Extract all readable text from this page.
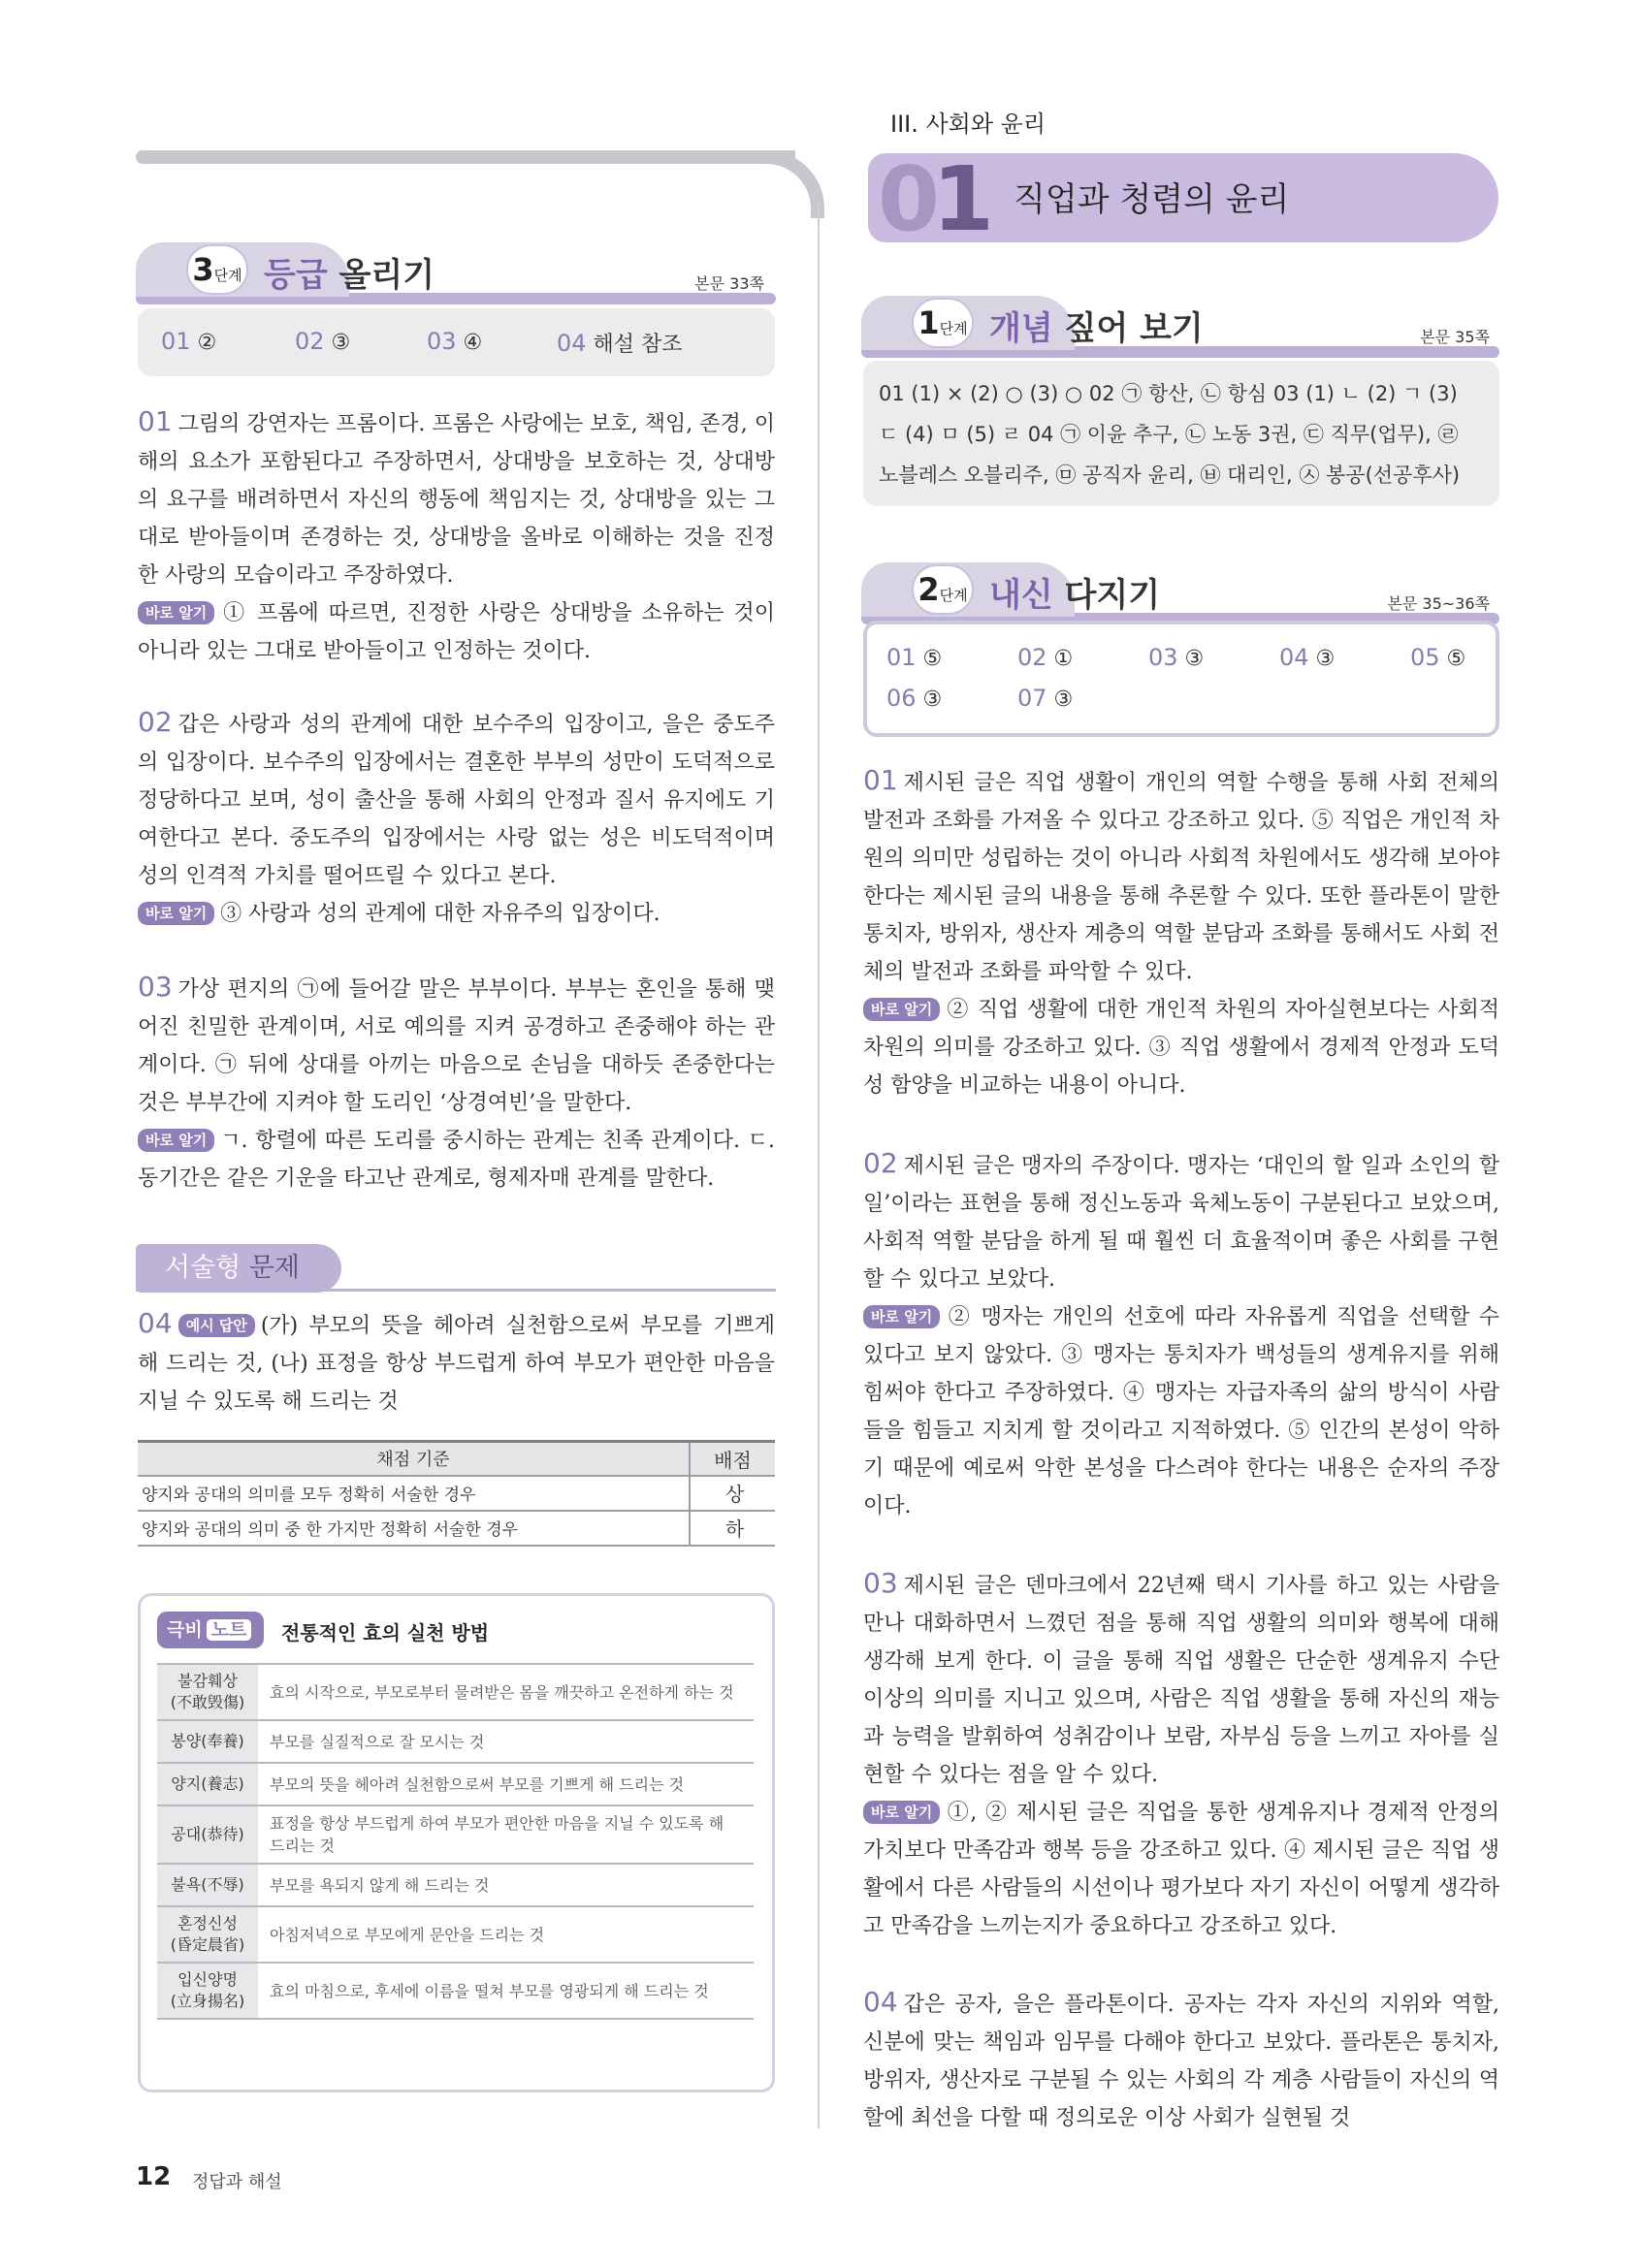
III. 사회와 윤리
01 직업과 청렴의 윤리
3단계 등급 올리기	본문 33쪽
01 ②	02 ③	03 ④	04 해설 참조
01 그림의 강연자는 프롬이다. 프롬은 사랑에는 보호, 책임, 존경, 이해의 요소가 포함된다고 주장하면서, 상대방을 보호하는 것, 상대방의 요구를 배려하면서 자신의 행동에 책임지는 것, 상대방을 있는 그대로 받아들이며 존경하는 것, 상대방을 올바로 이해하는 것을 진정한 사랑의 모습이라고 주장하였다.
바로 알기 ① 프롬에 따르면, 진정한 사랑은 상대방을 소유하는 것이 아니라 있는 그대로 받아들이고 인정하는 것이다.
02 갑은 사랑과 성의 관계에 대한 보수주의 입장이고, 을은 중도주의 입장이다. 보수주의 입장에서는 결혼한 부부의 성만이 도덕적으로 정당하다고 보며, 성이 출산을 통해 사회의 안정과 질서 유지에도 기여한다고 본다. 중도주의 입장에서는 사랑 없는 성은 비도덕적이며 성의 인격적 가치를 떨어뜨릴 수 있다고 본다.
바로 알기 ③ 사랑과 성의 관계에 대한 자유주의 입장이다.
03 가상 편지의 ㉠에 들어갈 말은 부부이다. 부부는 혼인을 통해 맺어진 친밀한 관계이며, 서로 예의를 지켜 공경하고 존중해야 하는 관계이다. ㉠ 뒤에 상대를 아끼는 마음으로 손님을 대하듯 존중한다는 것은 부부간에 지켜야 할 도리인 ‘상경여빈’을 말한다.
바로 알기 ㄱ. 항렬에 따른 도리를 중시하는 관계는 친족 관계이다. ㄷ. 동기간은 같은 기운을 타고난 관계로, 형제자매 관계를 말한다.
서술형 문제
04 예시 답안 (가) 부모의 뜻을 헤아려 실천함으로써 부모를 기쁘게 해 드리는 것, (나) 표정을 항상 부드럽게 하여 부모가 편안한 마음을 지닐 수 있도록 해 드리는 것
채점 기준	배점
양지와 공대의 의미를 모두 정확히 서술한 경우	상
양지와 공대의 의미 중 한 가지만 정확히 서술한 경우	하
극비 노트	전통적인 효의 실천 방법
불감훼상
(不敢毁傷)	효의 시작으로, 부모로부터 물려받은 몸을 깨끗하고 온전하게 하는 것
봉양(奉養)	부모를 실질적으로 잘 모시는 것
양지(養志)	부모의 뜻을 헤아려 실천함으로써 부모를 기쁘게 해 드리는 것
공대(恭待)	표정을 항상 부드럽게 하여 부모가 편안한 마음을 지닐 수 있도록 해 드리는 것
불욕(不辱)	부모를 욕되지 않게 해 드리는 것
혼정신성
(昏定晨省)	아침저녁으로 부모에게 문안을 드리는 것
입신양명
(立身揚名)	효의 마침으로, 후세에 이름을 떨쳐 부모를 영광되게 해 드리는 것
1단계 개념 짚어 보기	본문 35쪽
01 (1) × (2) ○ (3) ○ 02 ㉠ 항산, ㉡ 항심 03 (1) ㄴ (2) ㄱ (3)
ㄷ (4) ㅁ (5) ㄹ 04 ㉠ 이윤 추구, ㉡ 노동 3권, ㉢ 직무(업무), ㉣
노블레스 오블리주, ㉤ 공직자 윤리, ㉥ 대리인, ㉦ 봉공(선공후사)
2단계 내신 다지기	본문 35~36쪽
01 ⑤	02 ①	03 ③	04 ③	05 ⑤
06 ③	07 ③
01 제시된 글은 직업 생활이 개인의 역할 수행을 통해 사회 전체의 발전과 조화를 가져올 수 있다고 강조하고 있다. ⑤ 직업은 개인적 차원의 의미만 성립하는 것이 아니라 사회적 차원에서도 생각해 보아야 한다는 제시된 글의 내용을 통해 추론할 수 있다. 또한 플라톤이 말한 통치자, 방위자, 생산자 계층의 역할 분담과 조화를 통해서도 사회 전체의 발전과 조화를 파악할 수 있다.
바로 알기 ② 직업 생활에 대한 개인적 차원의 자아실현보다는 사회적 차원의 의미를 강조하고 있다. ③ 직업 생활에서 경제적 안정과 도덕성 함양을 비교하는 내용이 아니다.
02 제시된 글은 맹자의 주장이다. 맹자는 ‘대인의 할 일과 소인의 할 일’이라는 표현을 통해 정신노동과 육체노동이 구분된다고 보았으며, 사회적 역할 분담을 하게 될 때 훨씬 더 효율적이며 좋은 사회를 구현할 수 있다고 보았다.
바로 알기 ② 맹자는 개인의 선호에 따라 자유롭게 직업을 선택할 수 있다고 보지 않았다. ③ 맹자는 통치자가 백성들의 생계유지를 위해 힘써야 한다고 주장하였다. ④ 맹자는 자급자족의 삶의 방식이 사람들을 힘들고 지치게 할 것이라고 지적하였다. ⑤ 인간의 본성이 악하기 때문에 예로써 악한 본성을 다스려야 한다는 내용은 순자의 주장이다.
03 제시된 글은 덴마크에서 22년째 택시 기사를 하고 있는 사람을 만나 대화하면서 느꼈던 점을 통해 직업 생활의 의미와 행복에 대해 생각해 보게 한다. 이 글을 통해 직업 생활은 단순한 생계유지 수단 이상의 의미를 지니고 있으며, 사람은 직업 생활을 통해 자신의 재능과 능력을 발휘하여 성취감이나 보람, 자부심 등을 느끼고 자아를 실현할 수 있다는 점을 알 수 있다.
바로 알기 ①, ② 제시된 글은 직업을 통한 생계유지나 경제적 안정의 가치보다 만족감과 행복 등을 강조하고 있다. ④ 제시된 글은 직업 생활에서 다른 사람들의 시선이나 평가보다 자기 자신이 어떻게 생각하고 만족감을 느끼는지가 중요하다고 강조하고 있다.
04 갑은 공자, 을은 플라톤이다. 공자는 각자 자신의 지위와 역할, 신분에 맞는 책임과 임무를 다해야 한다고 보았다. 플라톤은 통치자, 방위자, 생산자로 구분될 수 있는 사회의 각 계층 사람들이 자신의 역할에 최선을 다할 때 정의로운 이상 사회가 실현될 것
12 정답과 해설
